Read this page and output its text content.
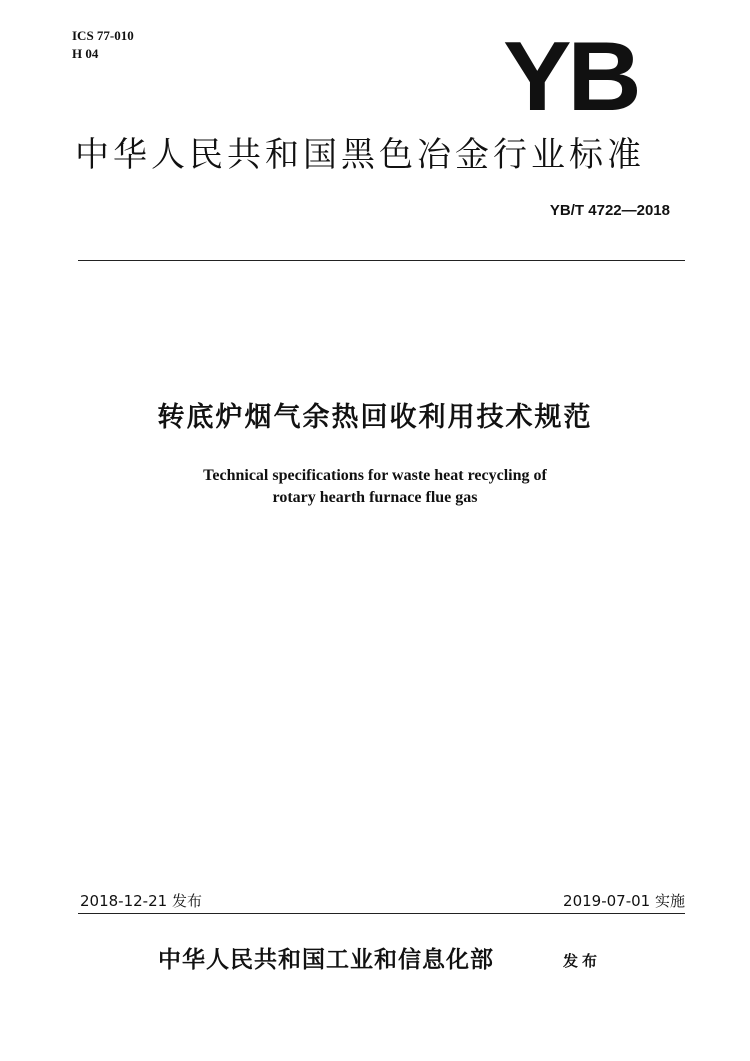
ICS 77-010
H 04	YB
中华人民共和国黑色冶金行业标准
YB/T 4722—2018
转底炉烟气余热回收利用技术规范
Technical specifications for waste heat recycling of
rotary hearth furnace flue gas
2018-12-21 发布	2019-07-01 实施
中华人民共和国工业和信息化部	发布
